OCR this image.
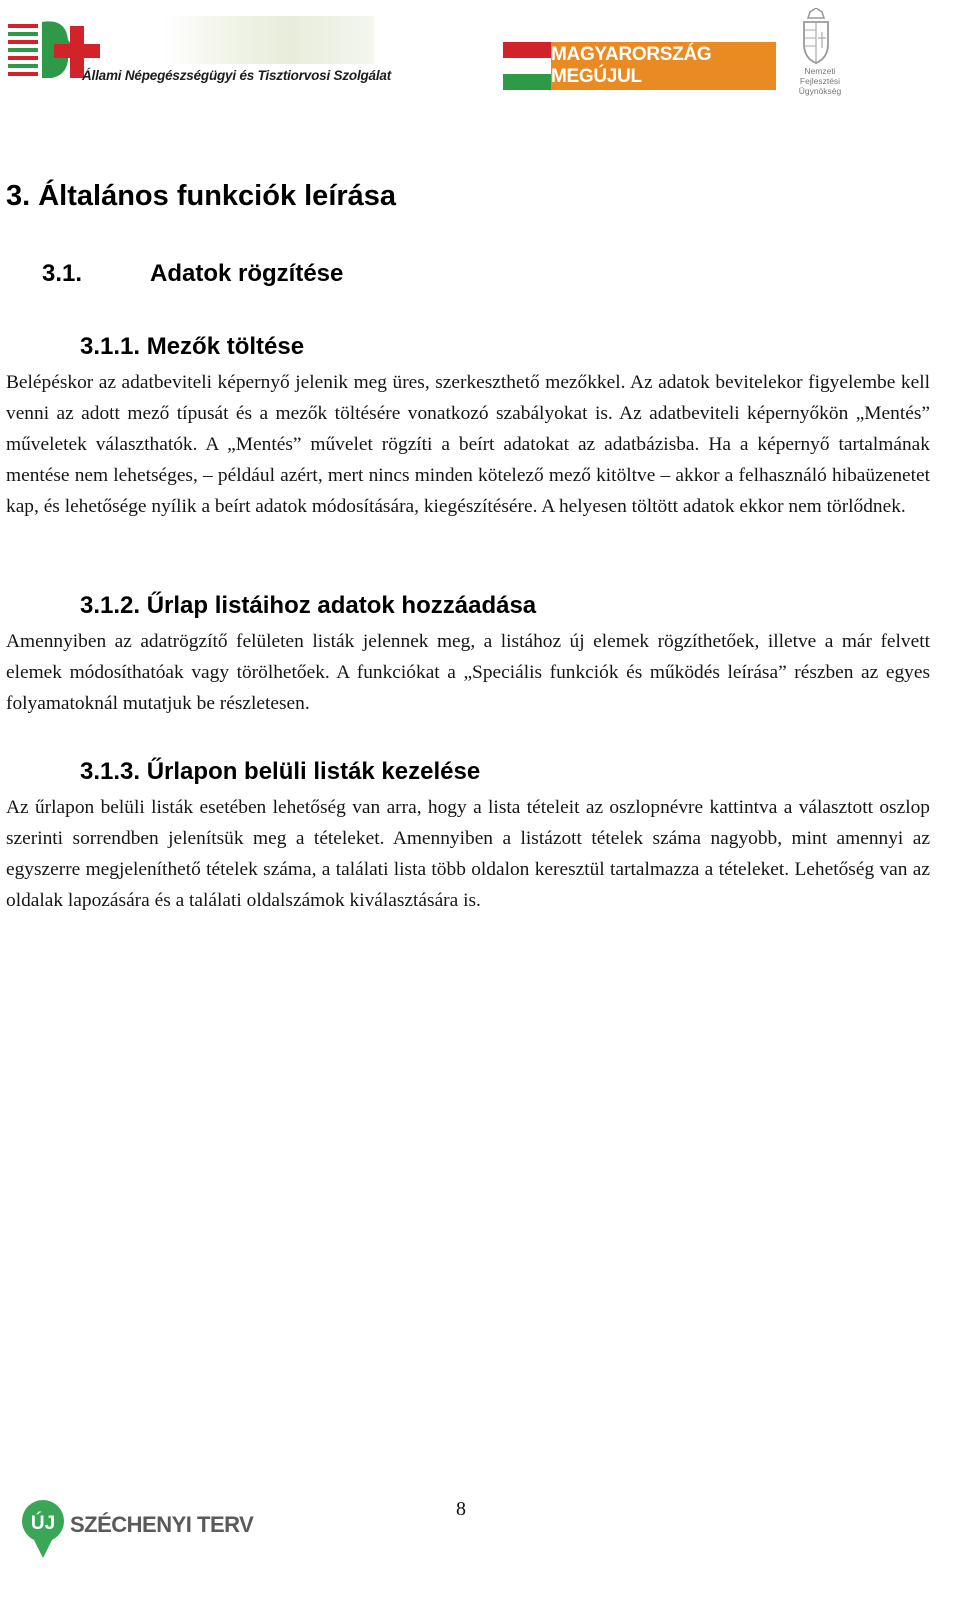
Állami Népegészségügyi és Tisztiorvosi Szolgálat
MAGYARORSZÁG MEGÚJUL	Nemzeti
Fejlesztési Ügynökség
3. Általános funkciók leírása
3.1.	Adatok rögzítése
3.1.1. Mezők töltése
Belépéskor az adatbeviteli képernyő jelenik meg üres, szerkeszthető mezőkkel. Az adatok bevitelekor figyelembe kell venni az adott mező típusát és a mezők töltésére vonatkozó szabályokat is. Az adatbeviteli képernyőkön „Mentés” műveletek választhatók. A „Mentés” művelet rögzíti a beírt adatokat az adatbázisba. Ha a képernyő tartalmának mentése nem lehetséges, – például azért, mert nincs minden kötelező mező kitöltve – akkor a felhasználó hibaüzenetet kap, és lehetősége nyílik a beírt adatok módosítására, kiegészítésére. A helyesen töltött adatok ekkor nem törlődnek.
3.1.2. Űrlap listáihoz adatok hozzáadása
Amennyiben az adatrögzítő felületen listák jelennek meg, a listához új elemek rögzíthetőek, illetve a már felvett elemek módosíthatóak vagy törölhetőek. A funkciókat a „Speciális funkciók és működés leírása” részben az egyes folyamatoknál mutatjuk be részletesen.
3.1.3. Űrlapon belüli listák kezelése
Az űrlapon belüli listák esetében lehetőség van arra, hogy a lista tételeit az oszlopnévre kattintva a választott oszlop szerinti sorrendben jelenítsük meg a tételeket. Amennyiben a listázott tételek száma nagyobb, mint amennyi az egyszerre megjeleníthető tételek száma, a találati lista több oldalon keresztül tartalmazza a tételeket. Lehetőség van az oldalak lapozására és a találati oldalszámok kiválasztására is.
8
ÚJ SZÉCHENYI TERV
